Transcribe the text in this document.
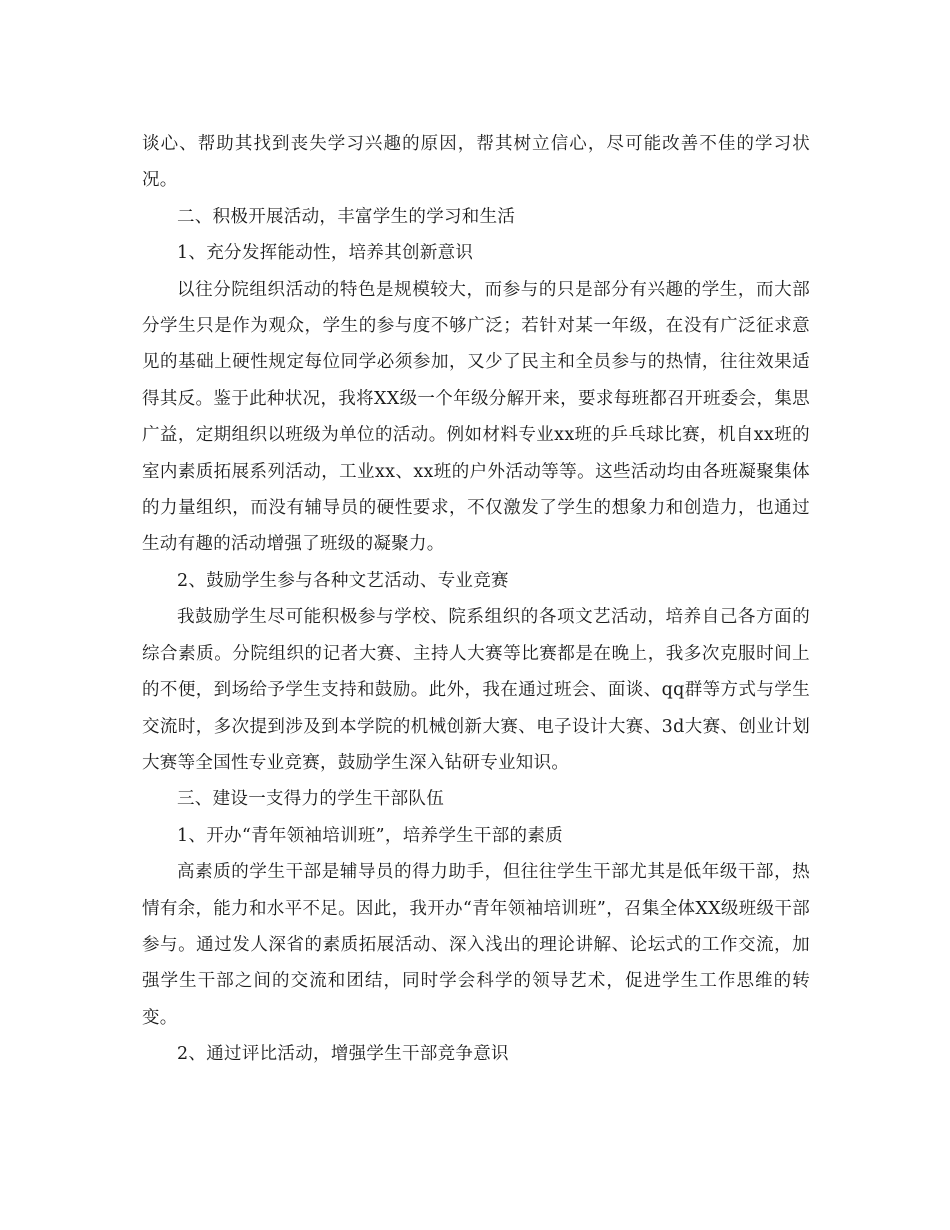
谈心、帮助其找到丧失学习兴趣的原因，帮其树立信心，尽可能改善不佳的学习状况。

二、积极开展活动，丰富学生的学习和生活

1、充分发挥能动性，培养其创新意识

以往分院组织活动的特色是规模较大，而参与的只是部分有兴趣的学生，而大部分学生只是作为观众，学生的参与度不够广泛；若针对某一年级，在没有广泛征求意见的基础上硬性规定每位同学必须参加，又少了民主和全员参与的热情，往往效果适得其反。鉴于此种状况，我将XX级一个年级分解开来，要求每班都召开班委会，集思广益，定期组织以班级为单位的活动。例如材料专业xx班的乒乓球比赛，机自xx班的室内素质拓展系列活动，工业xx、xx班的户外活动等等。这些活动均由各班凝聚集体的力量组织，而没有辅导员的硬性要求，不仅激发了学生的想象力和创造力，也通过生动有趣的活动增强了班级的凝聚力。

2、鼓励学生参与各种文艺活动、专业竞赛

我鼓励学生尽可能积极参与学校、院系组织的各项文艺活动，培养自己各方面的综合素质。分院组织的记者大赛、主持人大赛等比赛都是在晚上，我多次克服时间上的不便，到场给予学生支持和鼓励。此外，我在通过班会、面谈、qq群等方式与学生交流时，多次提到涉及到本学院的机械创新大赛、电子设计大赛、3d大赛、创业计划大赛等全国性专业竞赛，鼓励学生深入钻研专业知识。

三、建设一支得力的学生干部队伍

1、开办“青年领袖培训班”，培养学生干部的素质

高素质的学生干部是辅导员的得力助手，但往往学生干部尤其是低年级干部，热情有余，能力和水平不足。因此，我开办“青年领袖培训班”，召集全体XX级班级干部参与。通过发人深省的素质拓展活动、深入浅出的理论讲解、论坛式的工作交流，加强学生干部之间的交流和团结，同时学会科学的领导艺术，促进学生工作思维的转变。

2、通过评比活动，增强学生干部竞争意识
